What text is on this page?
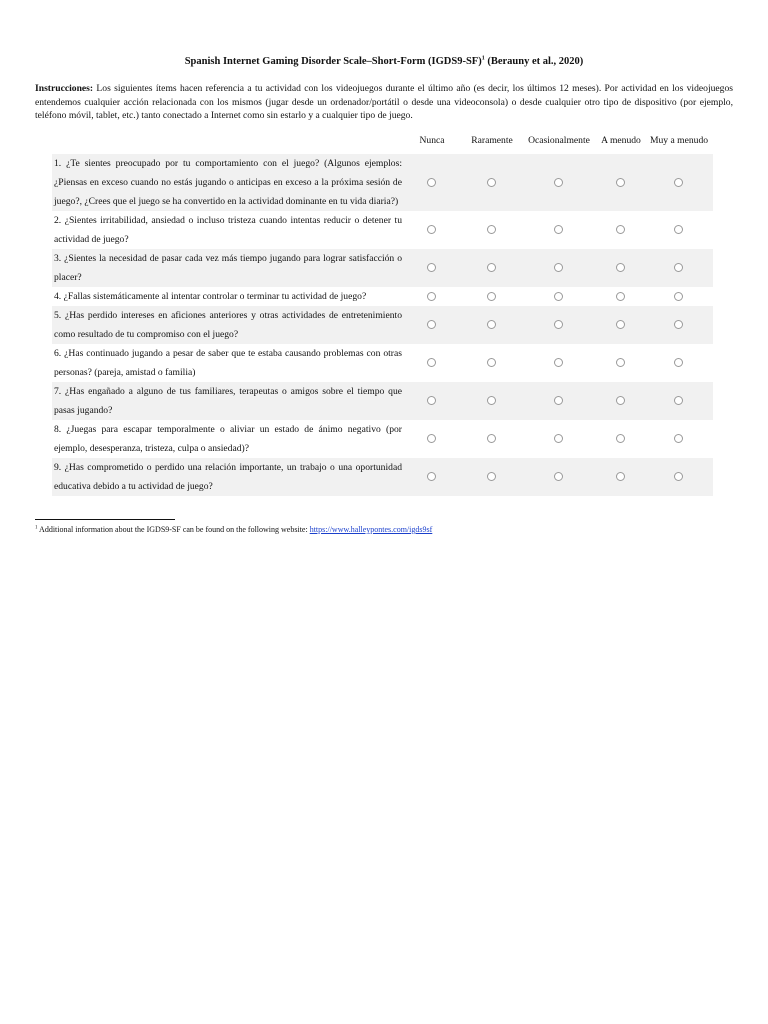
Spanish Internet Gaming Disorder Scale–Short-Form (IGDS9-SF)$^1$ (Berauny et al., 2020)
Instrucciones: Los siguientes ítems hacen referencia a tu actividad con los videojuegos durante el último año (es decir, los últimos 12 meses). Por actividad en los videojuegos entendemos cualquier acción relacionada con los mismos (jugar desde un ordenador/portátil o desde una videoconsola) o desde cualquier otro tipo de dispositivo (por ejemplo, teléfono móvil, tablet, etc.) tanto conectado a Internet como sin estarlo y a cualquier tipo de juego.
Nunca	Raramente Ocasionalmente A menudo Muy a menudo
1. ¿Te sientes preocupado por tu comportamiento con el juego? (Algunos ejemplos: ¿Piensas en exceso cuando no estás jugando o anticipas en exceso a la próxima sesión de juego?, ¿Crees que el juego se ha convertido en la actividad dominante en tu vida diaria?)
2. ¿Sientes irritabilidad, ansiedad o incluso tristeza cuando intentas reducir o detener tu actividad de juego?
3. ¿Sientes la necesidad de pasar cada vez más tiempo jugando para lograr satisfacción o placer?
4. ¿Fallas sistemáticamente al intentar controlar o terminar tu actividad de juego?
5. ¿Has perdido intereses en aficiones anteriores y otras actividades de entretenimiento como resultado de tu compromiso con el juego?
6. ¿Has continuado jugando a pesar de saber que te estaba causando problemas con otras personas? (pareja, amistad o familia)
7. ¿Has engañado a alguno de tus familiares, terapeutas o amigos sobre el tiempo que pasas jugando?
8. ¿Juegas para escapar temporalmente o aliviar un estado de ánimo negativo (por ejemplo, desesperanza, tristeza, culpa o ansiedad)?
9. ¿Has comprometido o perdido una relación importante, un trabajo o una oportunidad educativa debido a tu actividad de juego?
$^1$ Additional information about the IGDS9-SF can be found on the following website: https://www.halleypontes.com/igds9sf
